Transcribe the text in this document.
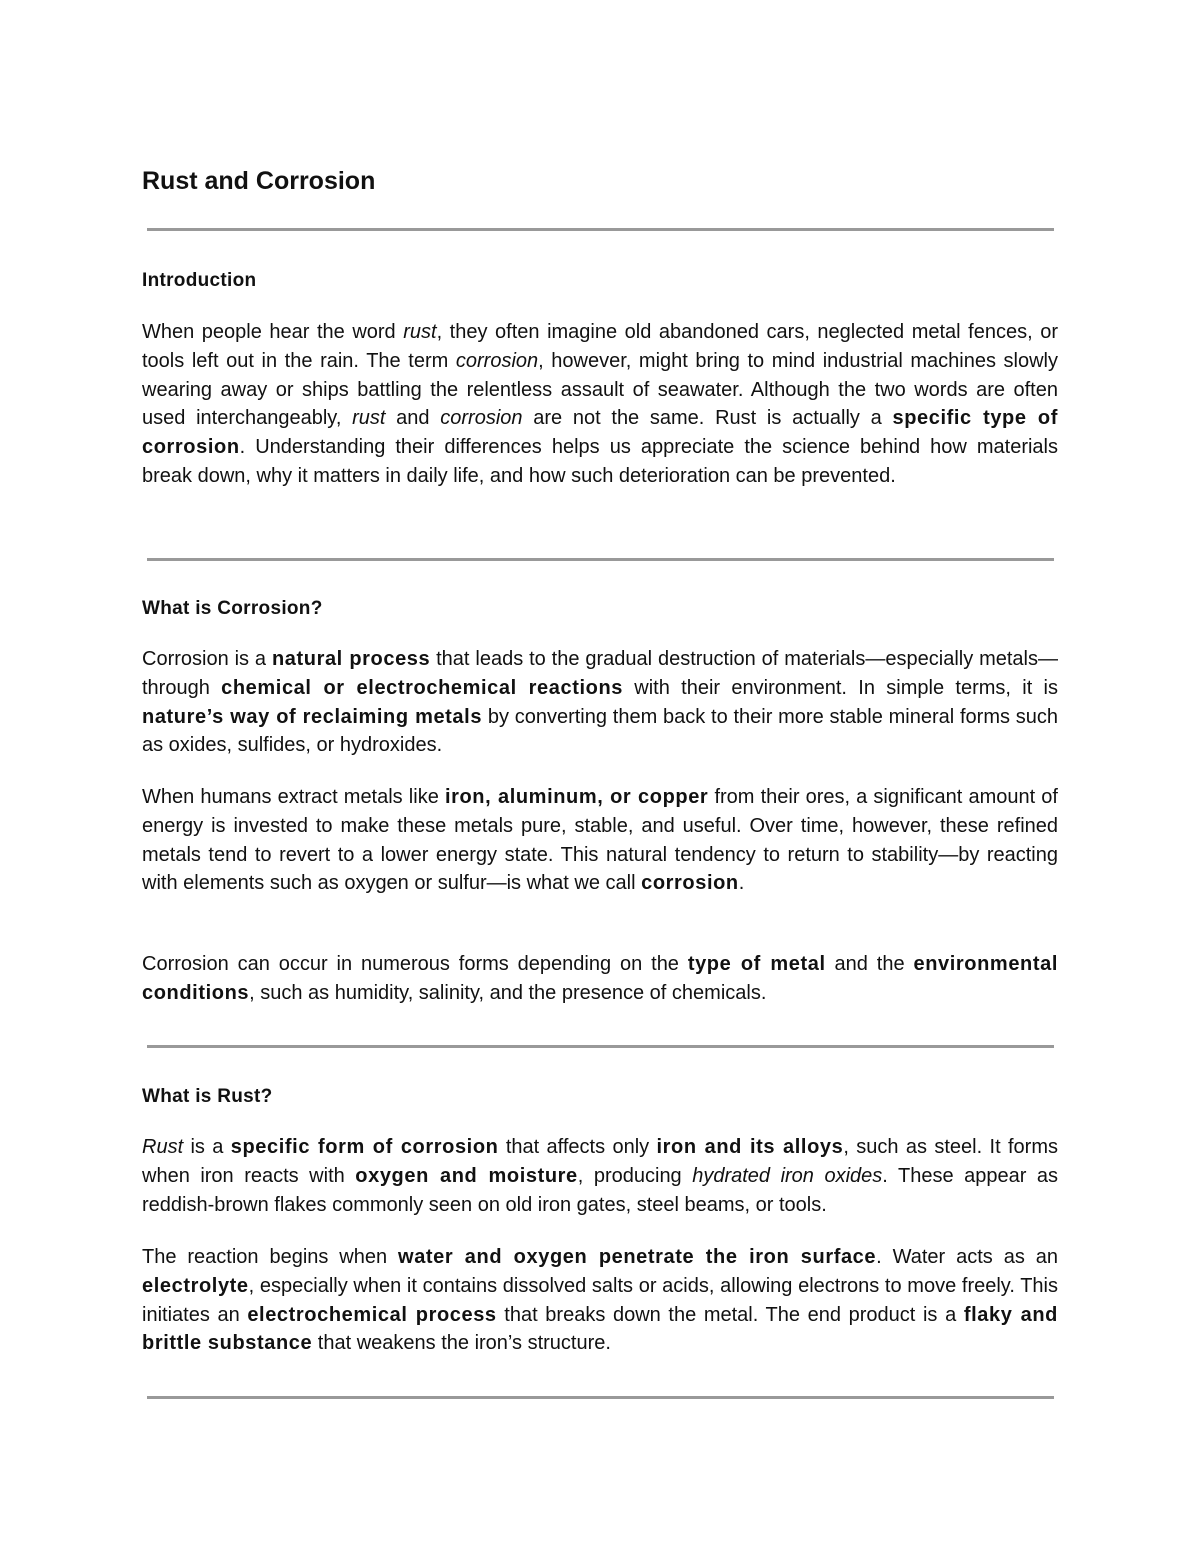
Rust and Corrosion
Introduction

When people hear the word rust, they often imagine old abandoned cars, neglected metal fences, or tools left out in the rain. The term corrosion, however, might bring to mind industrial machines slowly wearing away or ships battling the relentless assault of seawater. Although the two words are often used interchangeably, rust and corrosion are not the same. Rust is actually a specific type of corrosion. Understanding their differences helps us appreciate the science behind how materials break down, why it matters in daily life, and how such deterioration can be prevented.

What is Corrosion?

Corrosion is a natural process that leads to the gradual destruction of materials—especially metals—through chemical or electrochemical reactions with their environment. In simple terms, it is nature’s way of reclaiming metals by converting them back to their more stable mineral forms such as oxides, sulfides, or hydroxides.

When humans extract metals like iron, aluminum, or copper from their ores, a significant amount of energy is invested to make these metals pure, stable, and useful. Over time, however, these refined metals tend to revert to a lower energy state. This natural tendency to return to stability—by reacting with elements such as oxygen or sulfur—is what we call corrosion.

Corrosion can occur in numerous forms depending on the type of metal and the environmental conditions, such as humidity, salinity, and the presence of chemicals.

What is Rust?

Rust is a specific form of corrosion that affects only iron and its alloys, such as steel. It forms when iron reacts with oxygen and moisture, producing hydrated iron oxides. These appear as reddish-brown flakes commonly seen on old iron gates, steel beams, or tools.

The reaction begins when water and oxygen penetrate the iron surface. Water acts as an electrolyte, especially when it contains dissolved salts or acids, allowing electrons to move freely. This initiates an electrochemical process that breaks down the metal. The end product is a flaky and brittle substance that weakens the iron’s structure.
